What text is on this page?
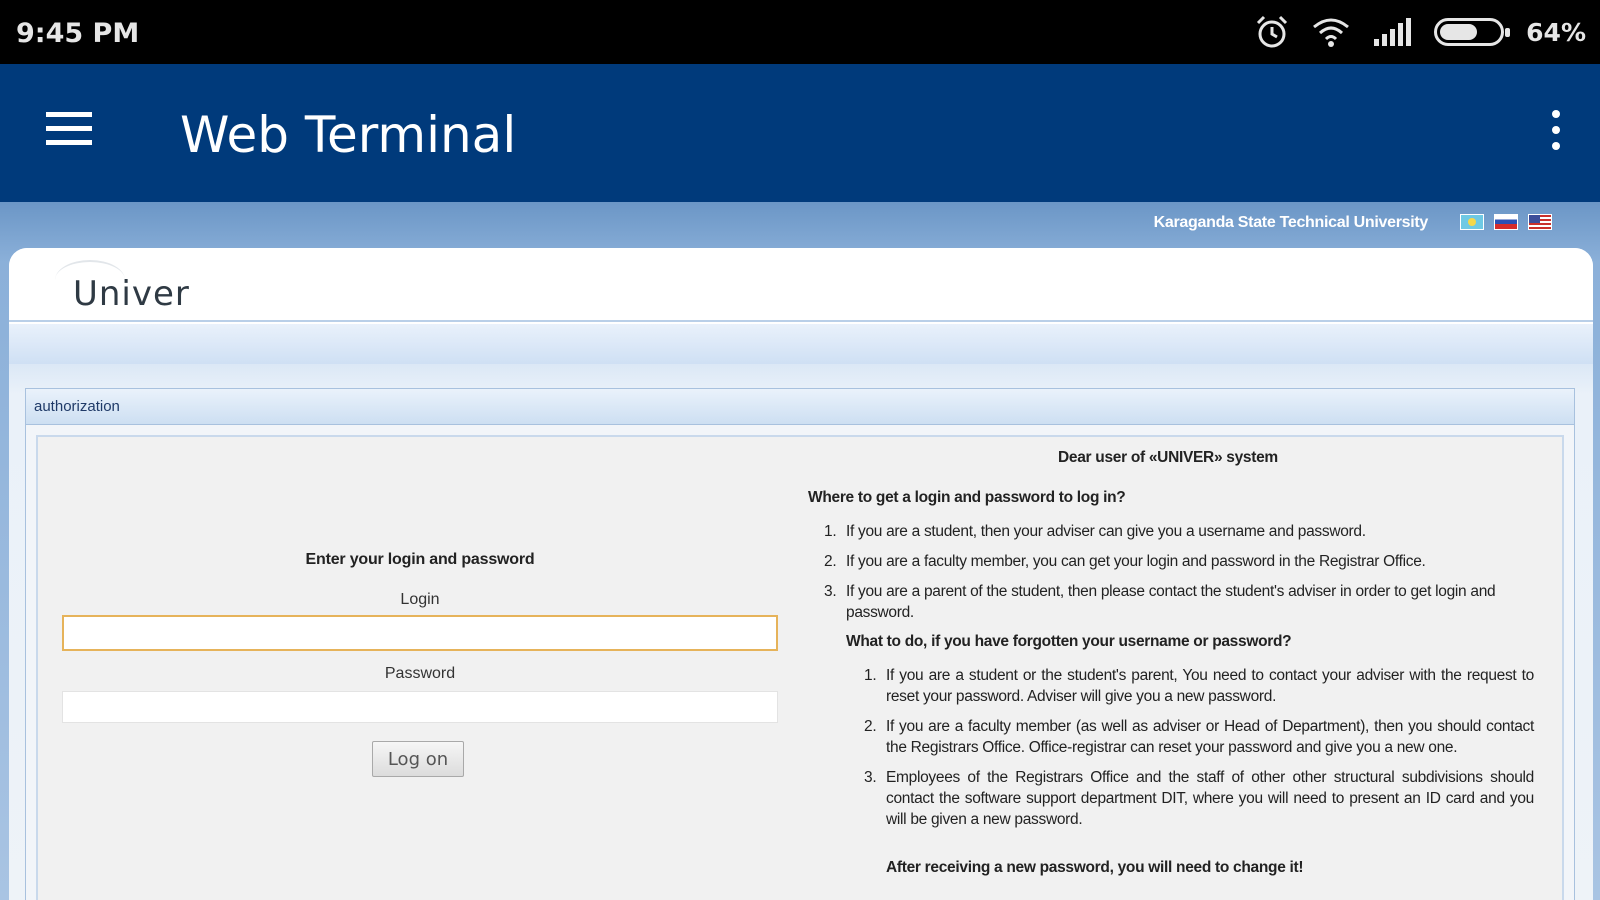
9:45 PM	64%
Web Terminal
Karaganda State Technical University
Univer
authorization
Enter your login and password
Login
Password
Log on
Dear user of «UNIVER» system
Where to get a login and password to log in?
1. If you are a student, then your adviser can give you a username and password.
2. If you are a faculty member, you can get your login and password in the Registrar Office.
3. If you are a parent of the student, then please contact the student's adviser in order to get login and password.
What to do, if you have forgotten your username or password?
1. If you are a student or the student's parent, You need to contact your adviser with the request to reset your password. Adviser will give you a new password.
2. If you are a faculty member (as well as adviser or Head of Department), then you should contact the Registrars Office. Office-registrar can reset your password and give you a new one.
3. Employees of the Registrars Office and the staff of other other structural subdivisions should contact the software support department DIT, where you will need to present an ID card and you will be given a new password.
After receiving a new password, you will need to change it!
